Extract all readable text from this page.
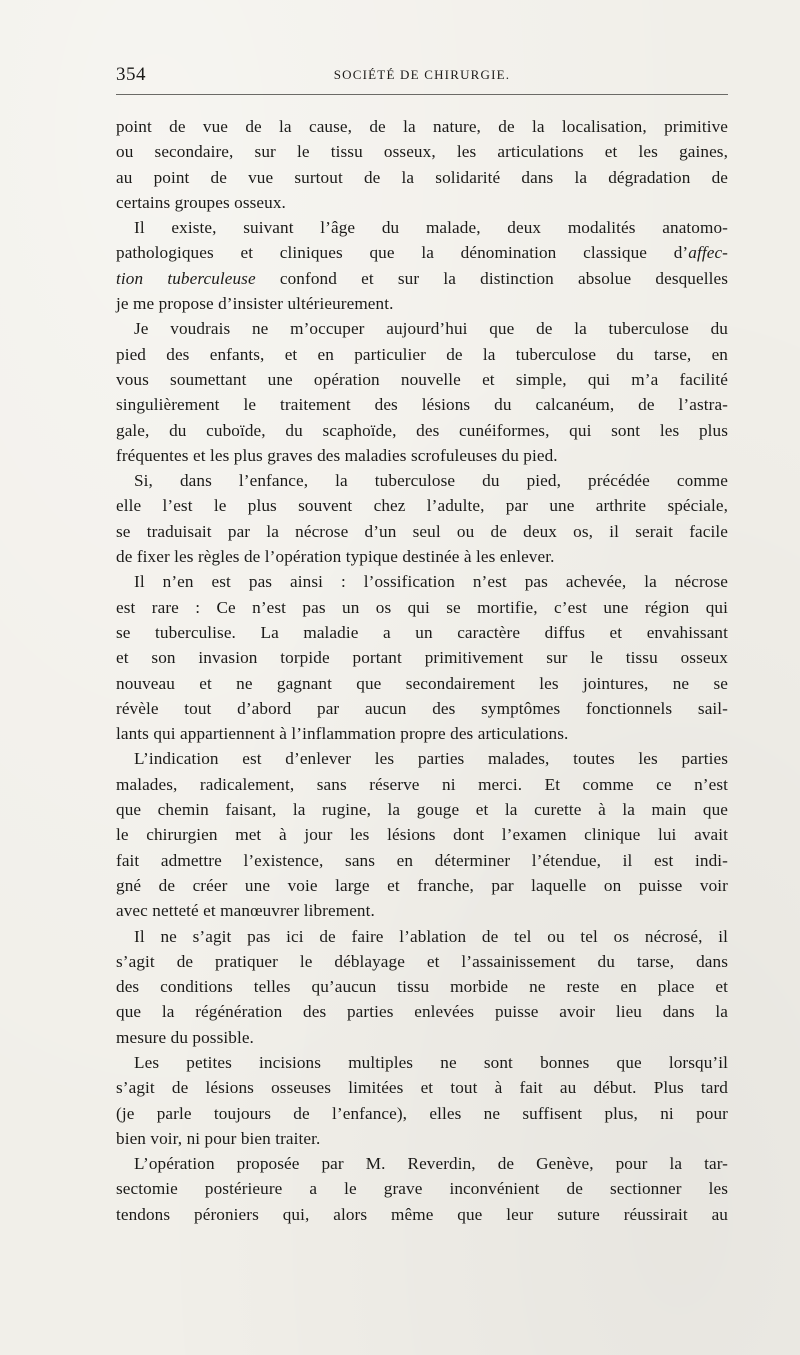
354	SOCIÉTÉ DE CHIRURGIE.
point de vue de la cause, de la nature, de la localisation, primitive
ou secondaire, sur le tissu osseux, les articulations et les gaines,
au point de vue surtout de la solidarité dans la dégradation de
certains groupes osseux.
Il existe, suivant l’âge du malade, deux modalités anatomo-
pathologiques et cliniques que la dénomination classique d’affec-
tion tuberculeuse confond et sur la distinction absolue desquelles
je me propose d’insister ultérieurement.
Je voudrais ne m’occuper aujourd’hui que de la tuberculose du
pied des enfants, et en particulier de la tuberculose du tarse, en
vous soumettant une opération nouvelle et simple, qui m’a facilité
singulièrement le traitement des lésions du calcanéum, de l’astra-
gale, du cuboïde, du scaphoïde, des cunéiformes, qui sont les plus
fréquentes et les plus graves des maladies scrofuleuses du pied.
Si, dans l’enfance, la tuberculose du pied, précédée comme
elle l’est le plus souvent chez l’adulte, par une arthrite spéciale,
se traduisait par la nécrose d’un seul ou de deux os, il serait facile
de fixer les règles de l’opération typique destinée à les enlever.
Il n’en est pas ainsi : l’ossification n’est pas achevée, la nécrose
est rare : Ce n’est pas un os qui se mortifie, c’est une région qui
se tuberculise. La maladie a un caractère diffus et envahissant
et son invasion torpide portant primitivement sur le tissu osseux
nouveau et ne gagnant que secondairement les jointures, ne se
révèle tout d’abord par aucun des symptômes fonctionnels sail-
lants qui appartiennent à l’inflammation propre des articulations.
L’indication est d’enlever les parties malades, toutes les parties
malades, radicalement, sans réserve ni merci. Et comme ce n’est
que chemin faisant, la rugine, la gouge et la curette à la main que
le chirurgien met à jour les lésions dont l’examen clinique lui avait
fait admettre l’existence, sans en déterminer l’étendue, il est indi-
gné de créer une voie large et franche, par laquelle on puisse voir
avec netteté et manœuvrer librement.
Il ne s’agit pas ici de faire l’ablation de tel ou tel os nécrosé, il
s’agit de pratiquer le déblayage et l’assainissement du tarse, dans
des conditions telles qu’aucun tissu morbide ne reste en place et
que la régénération des parties enlevées puisse avoir lieu dans la
mesure du possible.
Les petites incisions multiples ne sont bonnes que lorsqu’il
s’agit de lésions osseuses limitées et tout à fait au début. Plus tard
(je parle toujours de l’enfance), elles ne suffisent plus, ni pour
bien voir, ni pour bien traiter.
L’opération proposée par M. Reverdin, de Genève, pour la tar-
sectomie postérieure a le grave inconvénient de sectionner les
tendons péroniers qui, alors même que leur suture réussirait au
